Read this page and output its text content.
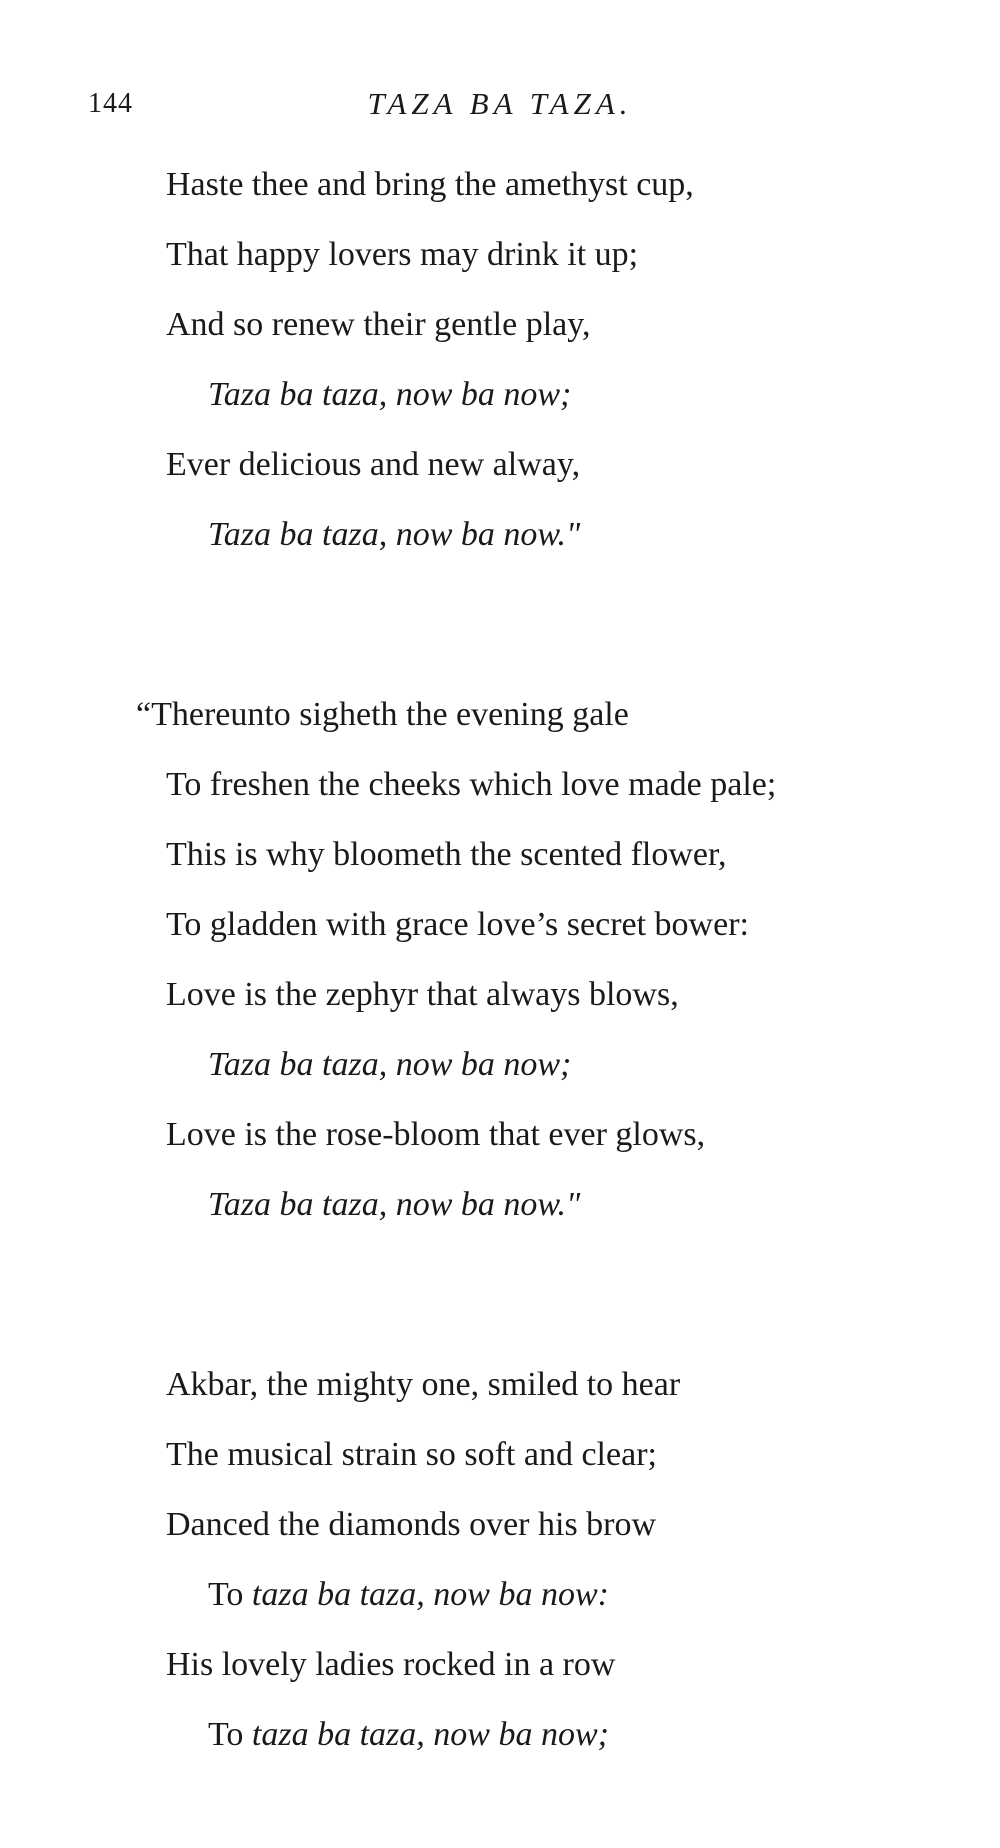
144	TAZA BA TAZA.
Haste thee and bring the amethyst cup,
That happy lovers may drink it up;
And so renew their gentle play,
Taza ba taza, now ba now;
Ever delicious and new alway,
Taza ba taza, now ba now."
“Thereunto sigheth the evening gale
To freshen the cheeks which love made pale;
This is why bloometh the scented flower,
To gladden with grace love’s secret bower:
Love is the zephyr that always blows,
Taza ba taza, now ba now;
Love is the rose-bloom that ever glows,
Taza ba taza, now ba now."
Akbar, the mighty one, smiled to hear
The musical strain so soft and clear;
Danced the diamonds over his brow
To taza ba taza, now ba now:
His lovely ladies rocked in a row
To taza ba taza, now ba now;
